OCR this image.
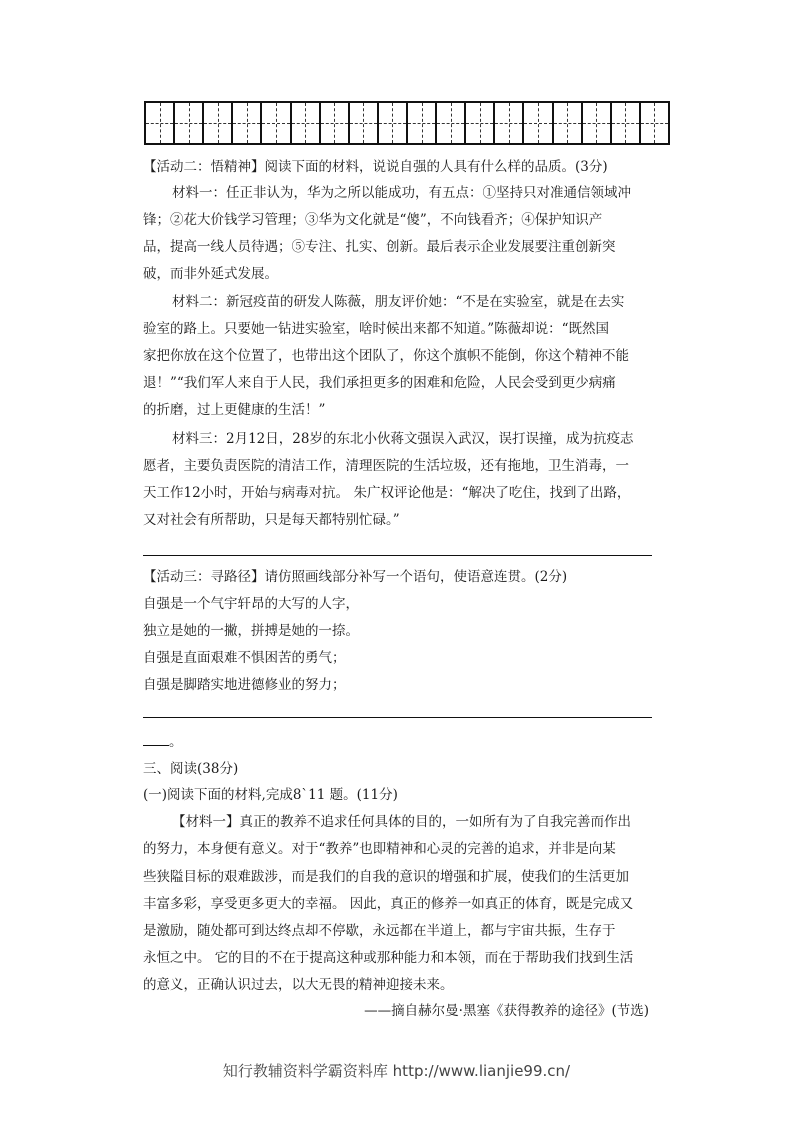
【活动二：悟精神】阅读下面的材料，说说自强的人具有什么样的品质。(3分)
材料一：任正非认为，华为之所以能成功，有五点：①坚持只对准通信领域冲
锋；②花大价钱学习管理；③华为文化就是“傻”，不向钱看齐；④保护知识产
品，提高一线人员待遇；⑤专注、扎实、创新。最后表示企业发展要注重创新突
破，而非外延式发展。
材料二：新冠疫苗的研发人陈薇，朋友评价她：“不是在实验室，就是在去实
验室的路上。只要她一钻进实验室，啥时候出来都不知道。”陈薇却说：“既然国
家把你放在这个位置了，也带出这个团队了，你这个旗帜不能倒，你这个精神不能
退！”“我们军人来自于人民，我们承担更多的困难和危险，人民会受到更少病痛
的折磨，过上更健康的生活！”
材料三：2月12日，28岁的东北小伙蒋文强误入武汉，误打误撞，成为抗疫志
愿者，主要负责医院的清洁工作，清理医院的生活垃圾，还有拖地，卫生消毒，一
天工作12小时，开始与病毒对抗。 朱广权评论他是：“解决了吃住，找到了出路，
又对社会有所帮助，只是每天都特别忙碌。”
【活动三：寻路径】请仿照画线部分补写一个语句，使语意连贯。(2分)
自强是一个气宇轩昂的大写的人字，
独立是她的一撇，拼搏是她的一捺。
自强是直面艰难不惧困苦的勇气；
自强是脚踏实地进德修业的努力；
。
三、阅读(38分)
(一)阅读下面的材料,完成8`11 题。(11分)
【材料一】真正的教养不追求任何具体的目的，一如所有为了自我完善而作出
的努力，本身便有意义。对于“教养”也即精神和心灵的完善的追求，并非是向某
些狭隘目标的艰难跋涉，而是我们的自我的意识的增强和扩展，使我们的生活更加
丰富多彩，享受更多更大的幸福。 因此，真正的修养一如真正的体育，既是完成又
是激励，随处都可到达终点却不停歇，永远都在半道上，都与宇宙共振，生存于
永恒之中。 它的目的不在于提高这种或那种能力和本领，而在于帮助我们找到生活
的意义，正确认识过去，以大无畏的精神迎接未来。
——摘自赫尔曼·黑塞《获得教养的途径》(节选)
知行教辅资料学霸资料库 http://www.lianjie99.cn/
